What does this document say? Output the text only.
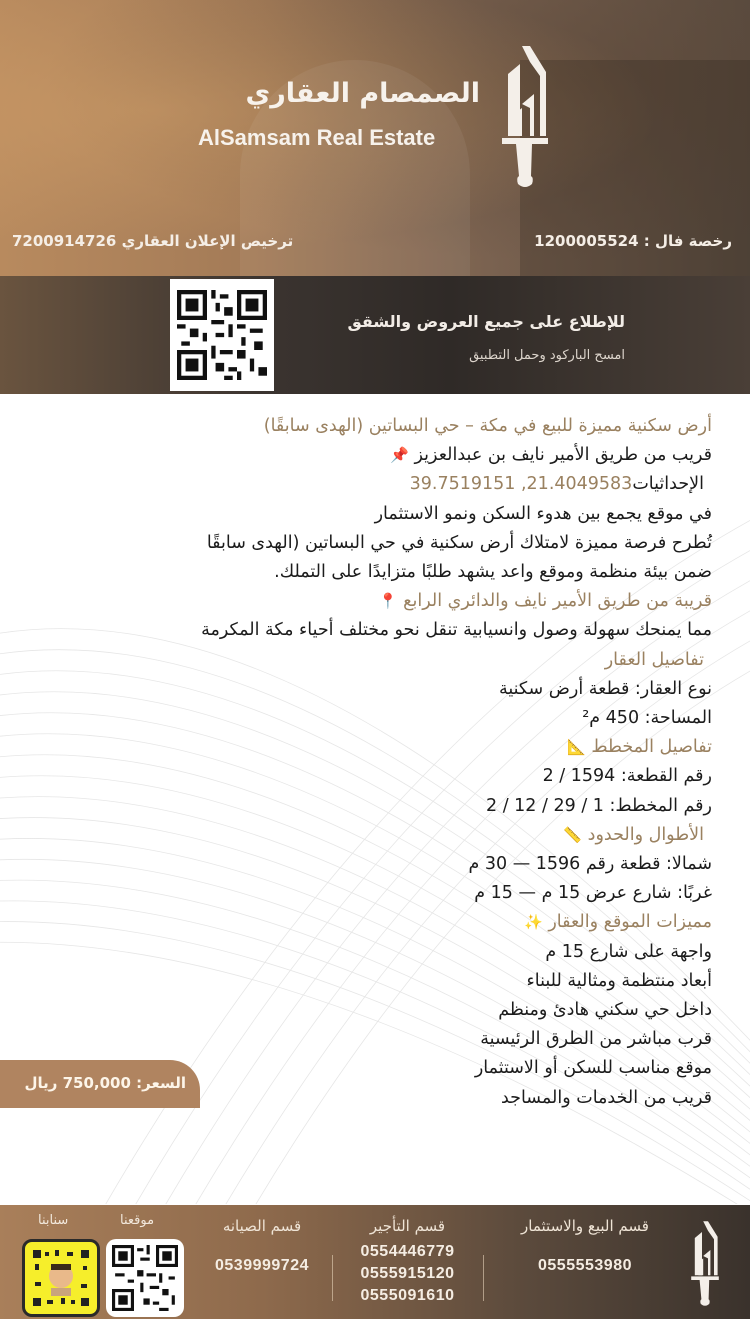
الصمصام العقاري
AlSamsam Real Estate
ترخيص الإعلان العقاري 7200914726	رخصة فال : 1200005524
للإطلاع على جميع العروض والشقق
امسح الباركود وحمل التطبيق
أرض سكنية مميزة للبيع في مكة – حي البساتين (الهدى سابقًا)
قريب من طريق الأمير نايف بن عبدالعزيز 📌
الإحداثيات21.4049583, 39.7519151
في موقع يجمع بين هدوء السكن ونمو الاستثمار
تُطرح فرصة مميزة لامتلاك أرض سكنية في حي البساتين (الهدى سابقًا
ضمن بيئة منظمة وموقع واعد يشهد طلبًا متزايدًا على التملك.
قريبة من طريق الأمير نايف والدائري الرابع 📍
مما يمنحك سهولة وصول وانسيابية تنقل نحو مختلف أحياء مكة المكرمة
تفاصيل العقار
نوع العقار: قطعة أرض سكنية
المساحة: 450 م²
تفاصيل المخطط 📐
رقم القطعة: 1594 / 2
رقم المخطط: 1 / 29 / 12 / 2
الأطوال والحدود 📏
شمالا: قطعة رقم 1596 — 30 م
غربًا: شارع عرض 15 م — 15 م
مميزات الموقع والعقار ✨
واجهة على شارع 15 م
أبعاد منتظمة ومثالية للبناء
داخل حي سكني هادئ ومنظم
قرب مباشر من الطرق الرئيسية
موقع مناسب للسكن أو الاستثمار
قريب من الخدمات والمساجد
السعر: 750,000 ريال
قسم البيع والاستثمار
0555553980
قسم التأجير
0554446779
0555915120
0555091610
قسم الصيانه
0539999724
موقعنا
سنابنا
